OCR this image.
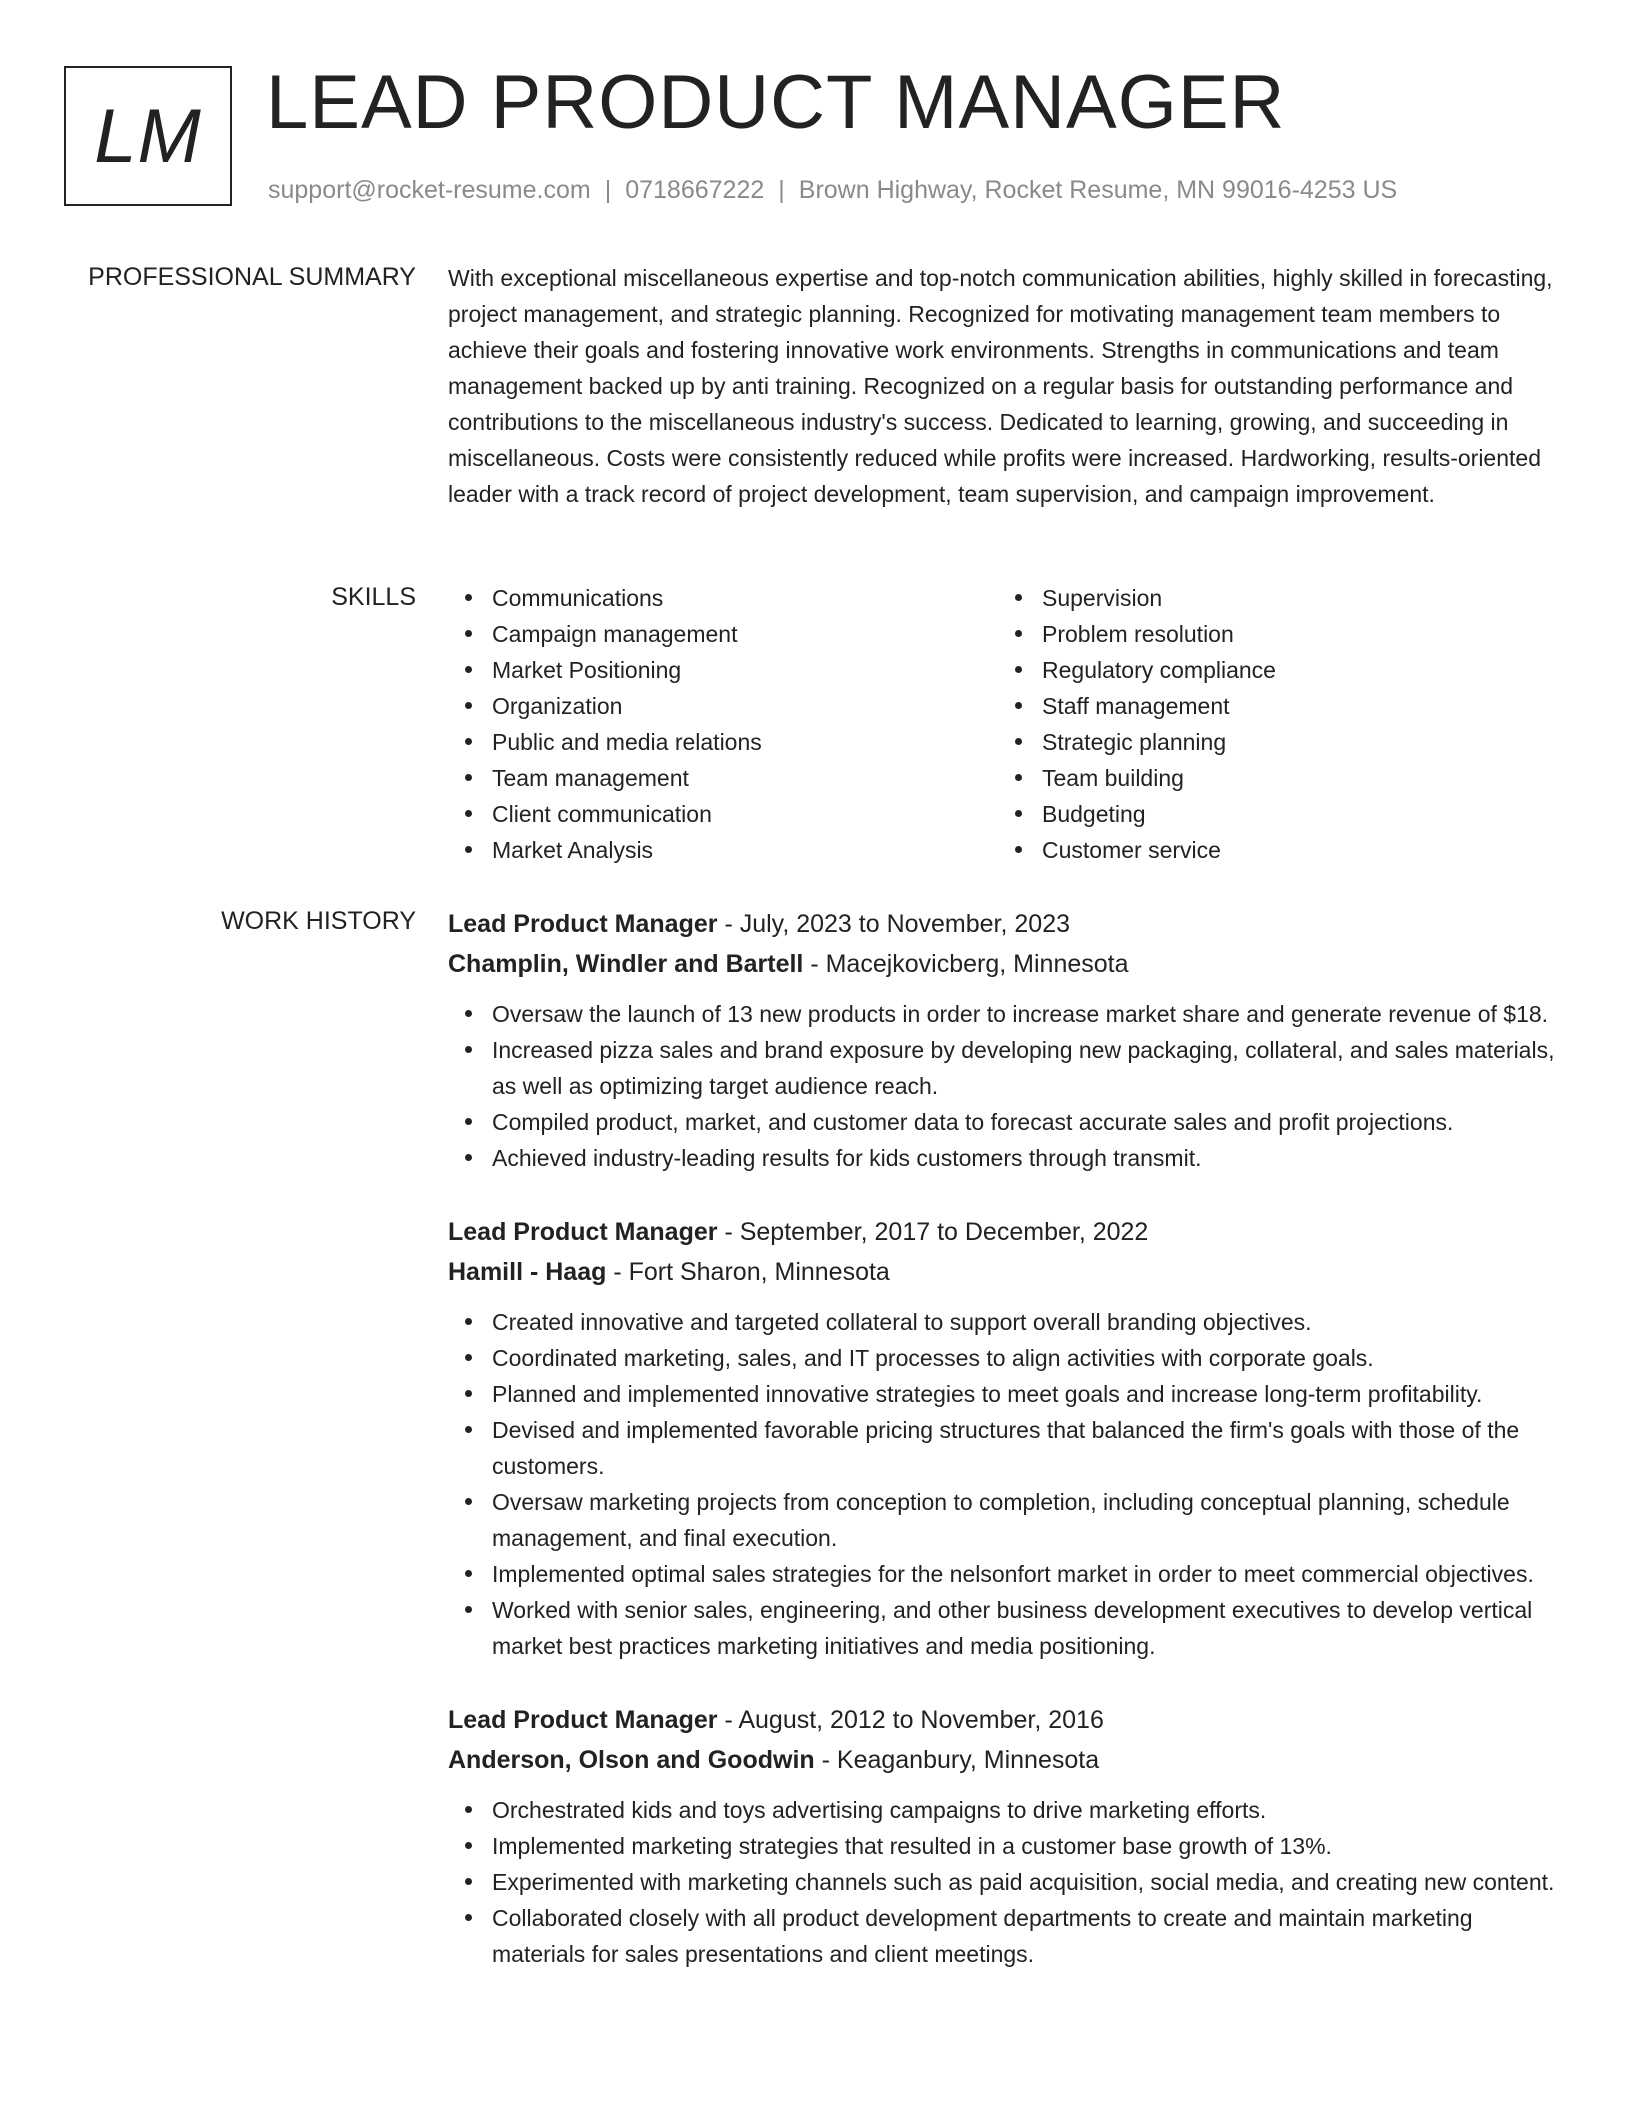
LM LEAD PRODUCT MANAGER
support@rocket-resume.com | 0718667222 | Brown Highway, Rocket Resume, MN 99016-4253 US
PROFESSIONAL SUMMARY With exceptional miscellaneous expertise and top-notch communication abilities, highly skilled in forecasting, project management, and strategic planning. Recognized for motivating management team members to achieve their goals and fostering innovative work environments. Strengths in communications and team management backed up by anti training. Recognized on a regular basis for outstanding performance and contributions to the miscellaneous industry's success. Dedicated to learning, growing, and succeeding in miscellaneous. Costs were consistently reduced while profits were increased. Hardworking, results-oriented leader with a track record of project development, team supervision, and campaign improvement.

SKILLS	Communications
Campaign management
Market Positioning
Organization
Public and media relations
Team management
Client communication
Market Analysis
Supervision
Problem resolution
Regulatory compliance
Staff management
Strategic planning
Team building
Budgeting
Customer service
WORK HISTORY Lead Product Manager - July, 2023 to November, 2023
Champlin, Windler and Bartell - Macejkovicberg, Minnesota
Oversaw the launch of 13 new products in order to increase market share and generate revenue of $18.
Increased pizza sales and brand exposure by developing new packaging, collateral, and sales materials, as well as optimizing target audience reach.
Compiled product, market, and customer data to forecast accurate sales and profit projections.
Achieved industry-leading results for kids customers through transmit.
Lead Product Manager - September, 2017 to December, 2022
Hamill - Haag - Fort Sharon, Minnesota
Created innovative and targeted collateral to support overall branding objectives.
Coordinated marketing, sales, and IT processes to align activities with corporate goals.
Planned and implemented innovative strategies to meet goals and increase long-term profitability.
Devised and implemented favorable pricing structures that balanced the firm's goals with those of the customers.
Oversaw marketing projects from conception to completion, including conceptual planning, schedule management, and final execution.
Implemented optimal sales strategies for the nelsonfort market in order to meet commercial objectives.
Worked with senior sales, engineering, and other business development executives to develop vertical market best practices marketing initiatives and media positioning.
Lead Product Manager - August, 2012 to November, 2016
Anderson, Olson and Goodwin - Keaganbury, Minnesota
Orchestrated kids and toys advertising campaigns to drive marketing efforts.
Implemented marketing strategies that resulted in a customer base growth of 13%.
Experimented with marketing channels such as paid acquisition, social media, and creating new content.
Collaborated closely with all product development departments to create and maintain marketing materials for sales presentations and client meetings.
